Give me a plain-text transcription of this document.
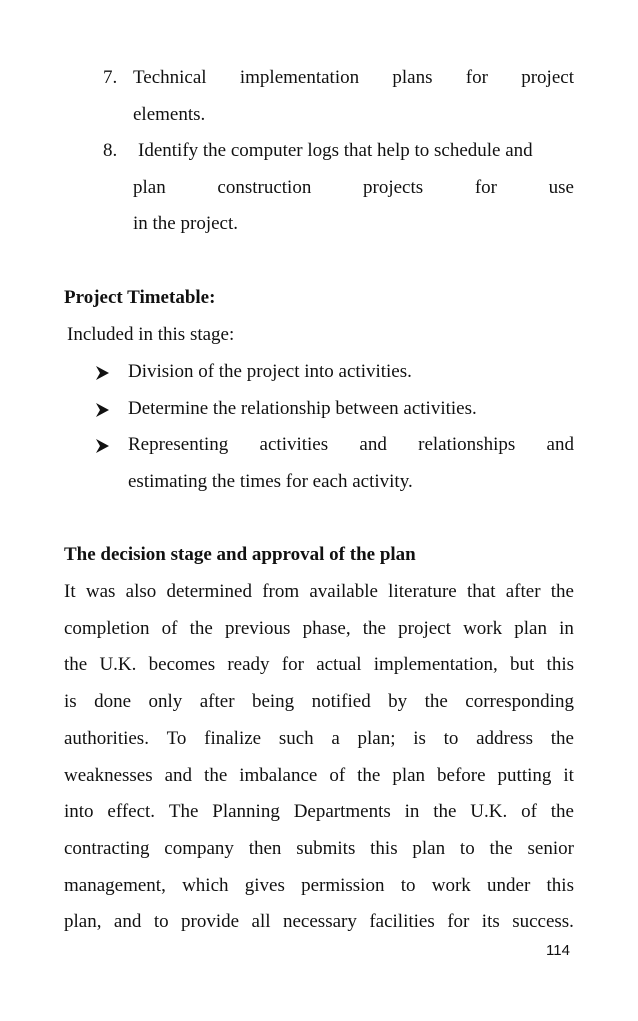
7. Technical implementation plans for project
elements.
8. Identify the computer logs that help to schedule and
plan	construction	projects	for	use
in the project.
Project Timetable:
Included in this stage:
Division of the project into activities.
Determine the relationship between activities.
Representing activities and relationships and
estimating the times for each activity.
The decision stage and approval of the plan
It was also determined from available literature that after the
completion of the previous phase, the project work plan in
the U.K. becomes ready for actual implementation, but this
is done only after being notified by the corresponding
authorities. To finalize such a plan; is to address the
weaknesses and the imbalance of the plan before putting it
into effect. The Planning Departments in the U.K. of the
contracting company then submits this plan to the senior
management, which gives permission to work under this
plan, and to provide all necessary facilities for its success.
114
